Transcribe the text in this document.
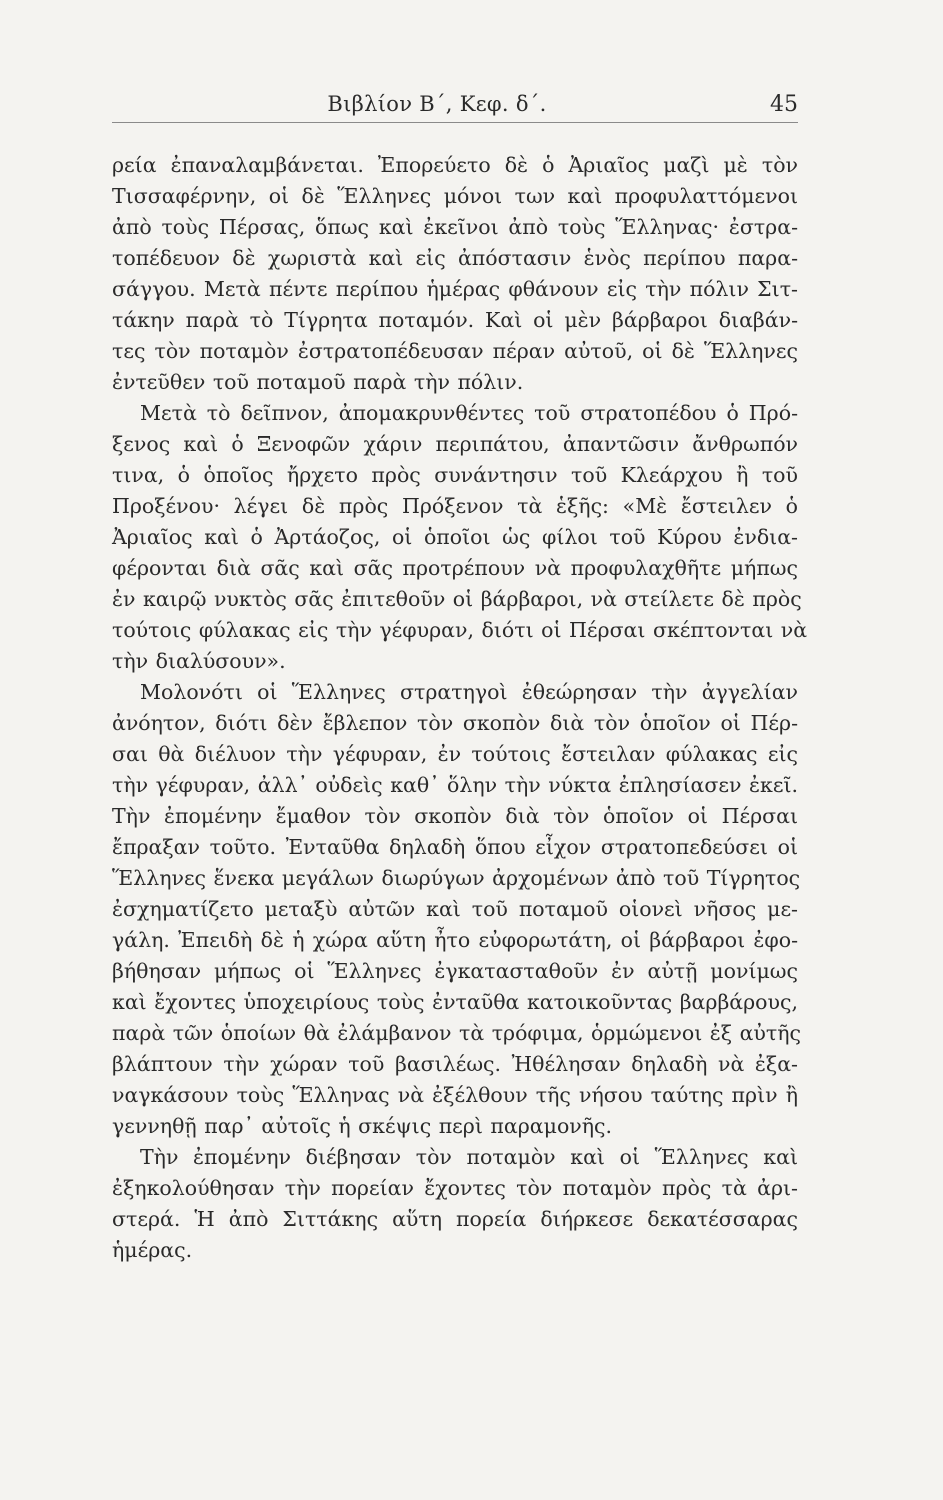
Βιβλίον Β΄, Κεφ. δ΄.	45
ρεία ἐπαναλαμβάνεται. Ἐπορεύετο δὲ ὁ Ἀριαῖος μαζὶ μὲ τὸν
Τισσαφέρνην, οἱ δὲ Ἕλληνες μόνοι των καὶ προφυλαττόμενοι
ἀπὸ τοὺς Πέρσας, ὅπως καὶ ἐκεῖνοι ἀπὸ τοὺς Ἕλληνας· ἐστρα-
τοπέδευον δὲ χωριστὰ καὶ εἰς ἀπόστασιν ἑνὸς περίπου παρα-
σάγγου. Μετὰ πέντε περίπου ἡμέρας φθάνουν εἰς τὴν πόλιν Σιτ-
τάκην παρὰ τὸ Τίγρητα ποταμόν. Καὶ οἱ μὲν βάρβαροι διαβάν-
τες τὸν ποταμὸν ἐστρατοπέδευσαν πέραν αὐτοῦ, οἱ δὲ Ἕλληνες
ἐντεῦθεν τοῦ ποταμοῦ παρὰ τὴν πόλιν.
Μετὰ τὸ δεῖπνον, ἀπομακρυνθέντες τοῦ στρατοπέδου ὁ Πρό-
ξενος καὶ ὁ Ξενοφῶν χάριν περιπάτου, ἀπαντῶσιν ἄνθρωπόν
τινα, ὁ ὁποῖος ἤρχετο πρὸς συνάντησιν τοῦ Κλεάρχου ἢ τοῦ
Προξένου· λέγει δὲ πρὸς Πρόξενον τὰ ἑξῆς: «Μὲ ἔστειλεν ὁ
Ἀριαῖος καὶ ὁ Ἀρτάοζος, οἱ ὁποῖοι ὡς φίλοι τοῦ Κύρου ἐνδια-
φέρονται διὰ σᾶς καὶ σᾶς προτρέπουν νὰ προφυλαχθῆτε μήπως
ἐν καιρῷ νυκτὸς σᾶς ἐπιτεθοῦν οἱ βάρβαροι, νὰ στείλετε δὲ πρὸς
τούτοις φύλακας εἰς τὴν γέφυραν, διότι οἱ Πέρσαι σκέπτονται νὰ
τὴν διαλύσουν».
Μολονότι οἱ Ἕλληνες στρατηγοὶ ἐθεώρησαν τὴν ἀγγελίαν
ἀνόητον, διότι δὲν ἔβλεπον τὸν σκοπὸν διὰ τὸν ὁποῖον οἱ Πέρ-
σαι θὰ διέλυον τὴν γέφυραν, ἐν τούτοις ἔστειλαν φύλακας εἰς
τὴν γέφυραν, ἀλλ᾽ οὐδεὶς καθ᾽ ὅλην τὴν νύκτα ἐπλησίασεν ἐκεῖ.
Τὴν ἐπομένην ἔμαθον τὸν σκοπὸν διὰ τὸν ὁποῖον οἱ Πέρσαι
ἔπραξαν τοῦτο. Ἐνταῦθα δηλαδὴ ὅπου εἶχον στρατοπεδεύσει οἱ
Ἕλληνες ἕνεκα μεγάλων διωρύγων ἀρχομένων ἀπὸ τοῦ Τίγρητος
ἐσχηματίζετο μεταξὺ αὐτῶν καὶ τοῦ ποταμοῦ οἱονεὶ νῆσος με-
γάλη. Ἐπειδὴ δὲ ἡ χώρα αὕτη ἦτο εὐφορωτάτη, οἱ βάρβαροι ἐφο-
βήθησαν μήπως οἱ Ἕλληνες ἐγκατασταθοῦν ἐν αὐτῇ μονίμως
καὶ ἔχοντες ὑποχειρίους τοὺς ἐνταῦθα κατοικοῦντας βαρβάρους,
παρὰ τῶν ὁποίων θὰ ἐλάμβανον τὰ τρόφιμα, ὁρμώμενοι ἐξ αὐτῆς
βλάπτουν τὴν χώραν τοῦ βασιλέως. Ἠθέλησαν δηλαδὴ νὰ ἐξα-
ναγκάσουν τοὺς Ἕλληνας νὰ ἐξέλθουν τῆς νήσου ταύτης πρὶν ἢ
γεννηθῇ παρ᾽ αὐτοῖς ἡ σκέψις περὶ παραμονῆς.
Τὴν ἐπομένην διέβησαν τὸν ποταμὸν καὶ οἱ Ἕλληνες καὶ
ἐξηκολούθησαν τὴν πορείαν ἔχοντες τὸν ποταμὸν πρὸς τὰ ἀρι-
στερά. Ἡ ἀπὸ Σιττάκης αὕτη πορεία διήρκεσε δεκατέσσαρας
ἡμέρας.
